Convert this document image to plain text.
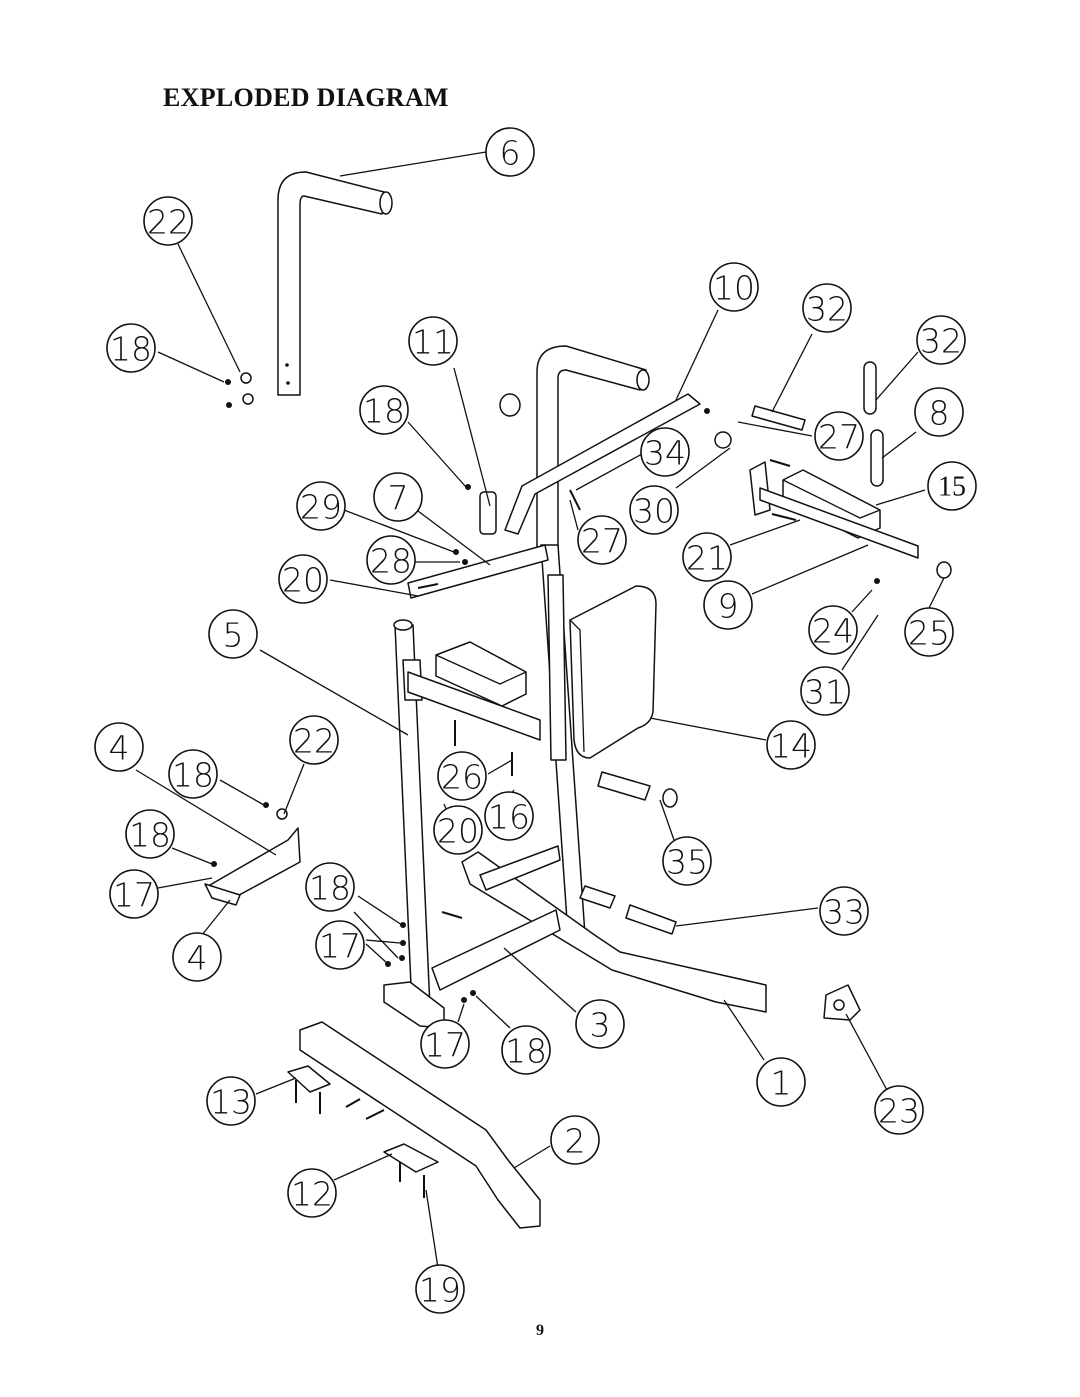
EXPLODED DIAGRAM
6
22
18
10
32
32
11
18	8
34	27
15
29 7	30
27
28	21
20
9
5	24 25
31
4	22	14
18	26
18	20 16
35
17	18
33
17
4
3
17 18
1
13	23
2
12
19
9
